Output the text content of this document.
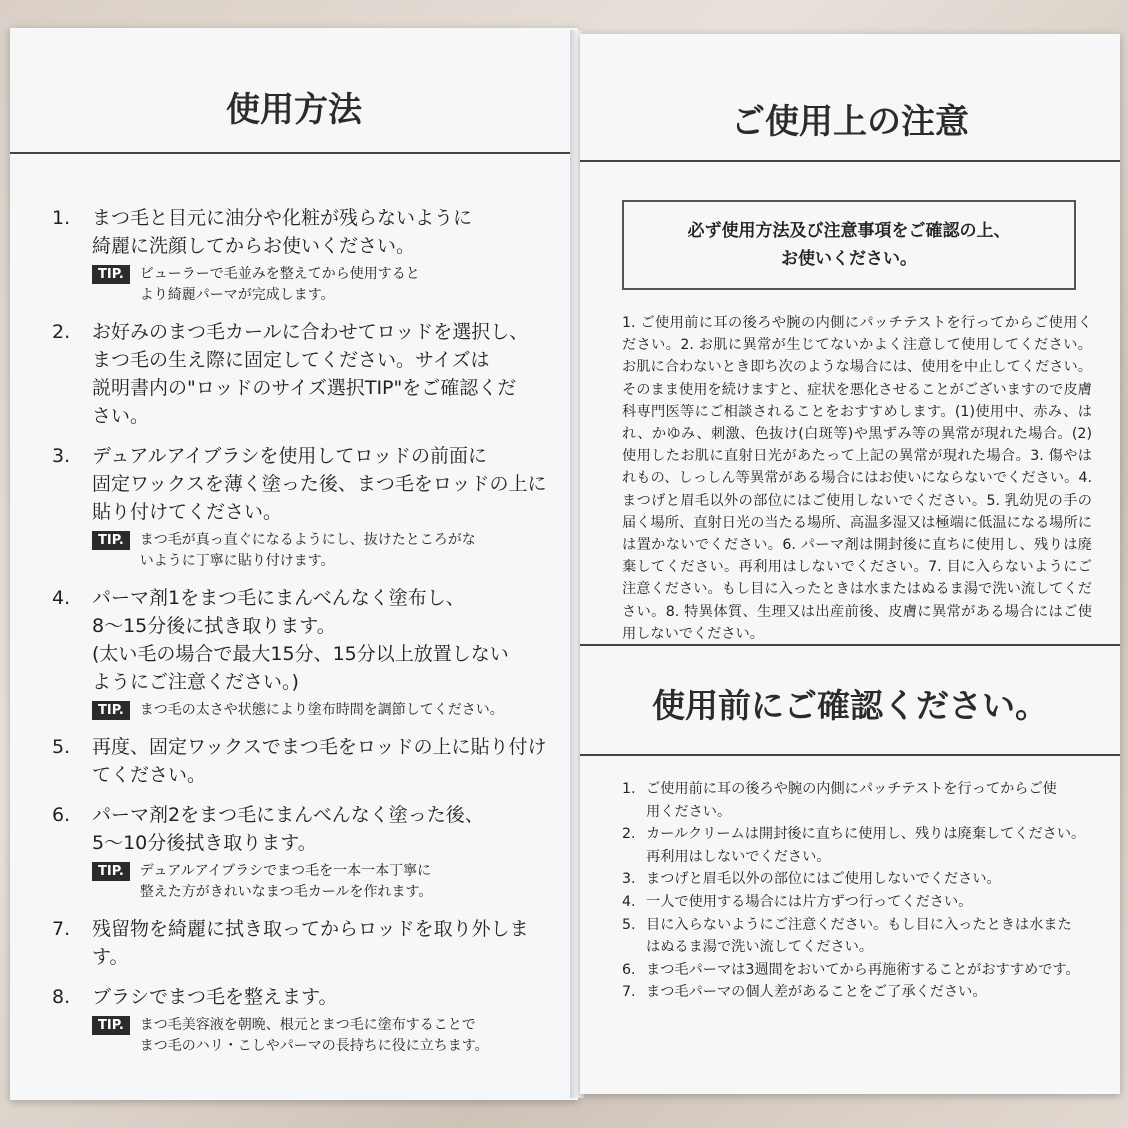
使用方法
1.	まつ毛と目元に油分や化粧が残らないように
綺麗に洗顔してからお使いください。
TIP.	ビューラーで毛並みを整えてから使用すると
より綺麗パーマが完成します。
2.	お好みのまつ毛カールに合わせてロッドを選択し、
まつ毛の生え際に固定してください。サイズは
説明書内の"ロッドのサイズ選択TIP"をご確認くだ
さい。
3.	デュアルアイブラシを使用してロッドの前面に
固定ワックスを薄く塗った後、まつ毛をロッドの上に
貼り付けてください。
TIP.	まつ毛が真っ直ぐになるようにし、抜けたところがな
いように丁寧に貼り付けます。
4.	パーマ剤1をまつ毛にまんべんなく塗布し、
8～15分後に拭き取ります。
(太い毛の場合で最大15分、15分以上放置しない
ようにご注意ください。)
TIP.	まつ毛の太さや状態により塗布時間を調節してください。
5.	再度、固定ワックスでまつ毛をロッドの上に貼り付け
てください。
6.	パーマ剤2をまつ毛にまんべんなく塗った後、
5～10分後拭き取ります。
TIP.	デュアルアイブラシでまつ毛を一本一本丁寧に
整えた方がきれいなまつ毛カールを作れます。
7.	残留物を綺麗に拭き取ってからロッドを取り外します。
8.	ブラシでまつ毛を整えます。
TIP.	まつ毛美容液を朝晩、根元とまつ毛に塗布することで
まつ毛のハリ・こしやパーマの長持ちに役に立ちます。
ご使用上の注意
必ず使用方法及び注意事項をご確認の上、
お使いください。
1. ご使用前に耳の後ろや腕の内側にパッチテストを行ってからご使用ください。2. お肌に異常が生じてないかよく注意して使用してください。お肌に合わないとき即ち次のような場合には、使用を中止してください。そのまま使用を続けますと、症状を悪化させることがございますので皮膚科専門医等にご相談されることをおすすめします。(1)使用中、赤み、はれ、かゆみ、刺激、色抜け(白斑等)や黒ずみ等の異常が現れた場合。(2)使用したお肌に直射日光があたって上記の異常が現れた場合。3. 傷やはれもの、しっしん等異常がある場合にはお使いにならないでください。4. まつげと眉毛以外の部位にはご使用しないでください。5. 乳幼児の手の届く場所、直射日光の当たる場所、高温多湿又は極端に低温になる場所には置かないでください。6. パーマ剤は開封後に直ちに使用し、残りは廃棄してください。再利用はしないでください。7. 目に入らないようにご注意ください。もし目に入ったときは水またはぬるま湯で洗い流してください。8. 特異体質、生理又は出産前後、皮膚に異常がある場合にはご使用しないでください。
使用前にご確認ください。
1. ご使用前に耳の後ろや腕の内側にパッチテストを行ってからご使
用ください。
2. カールクリームは開封後に直ちに使用し、残りは廃棄してください。
再利用はしないでください。
3. まつげと眉毛以外の部位にはご使用しないでください。
4. 一人で使用する場合には片方ずつ行ってください。
5. 目に入らないようにご注意ください。もし目に入ったときは水また
はぬるま湯で洗い流してください。
6. まつ毛パーマは3週間をおいてから再施術することがおすすめです。
7. まつ毛パーマの個人差があることをご了承ください。
